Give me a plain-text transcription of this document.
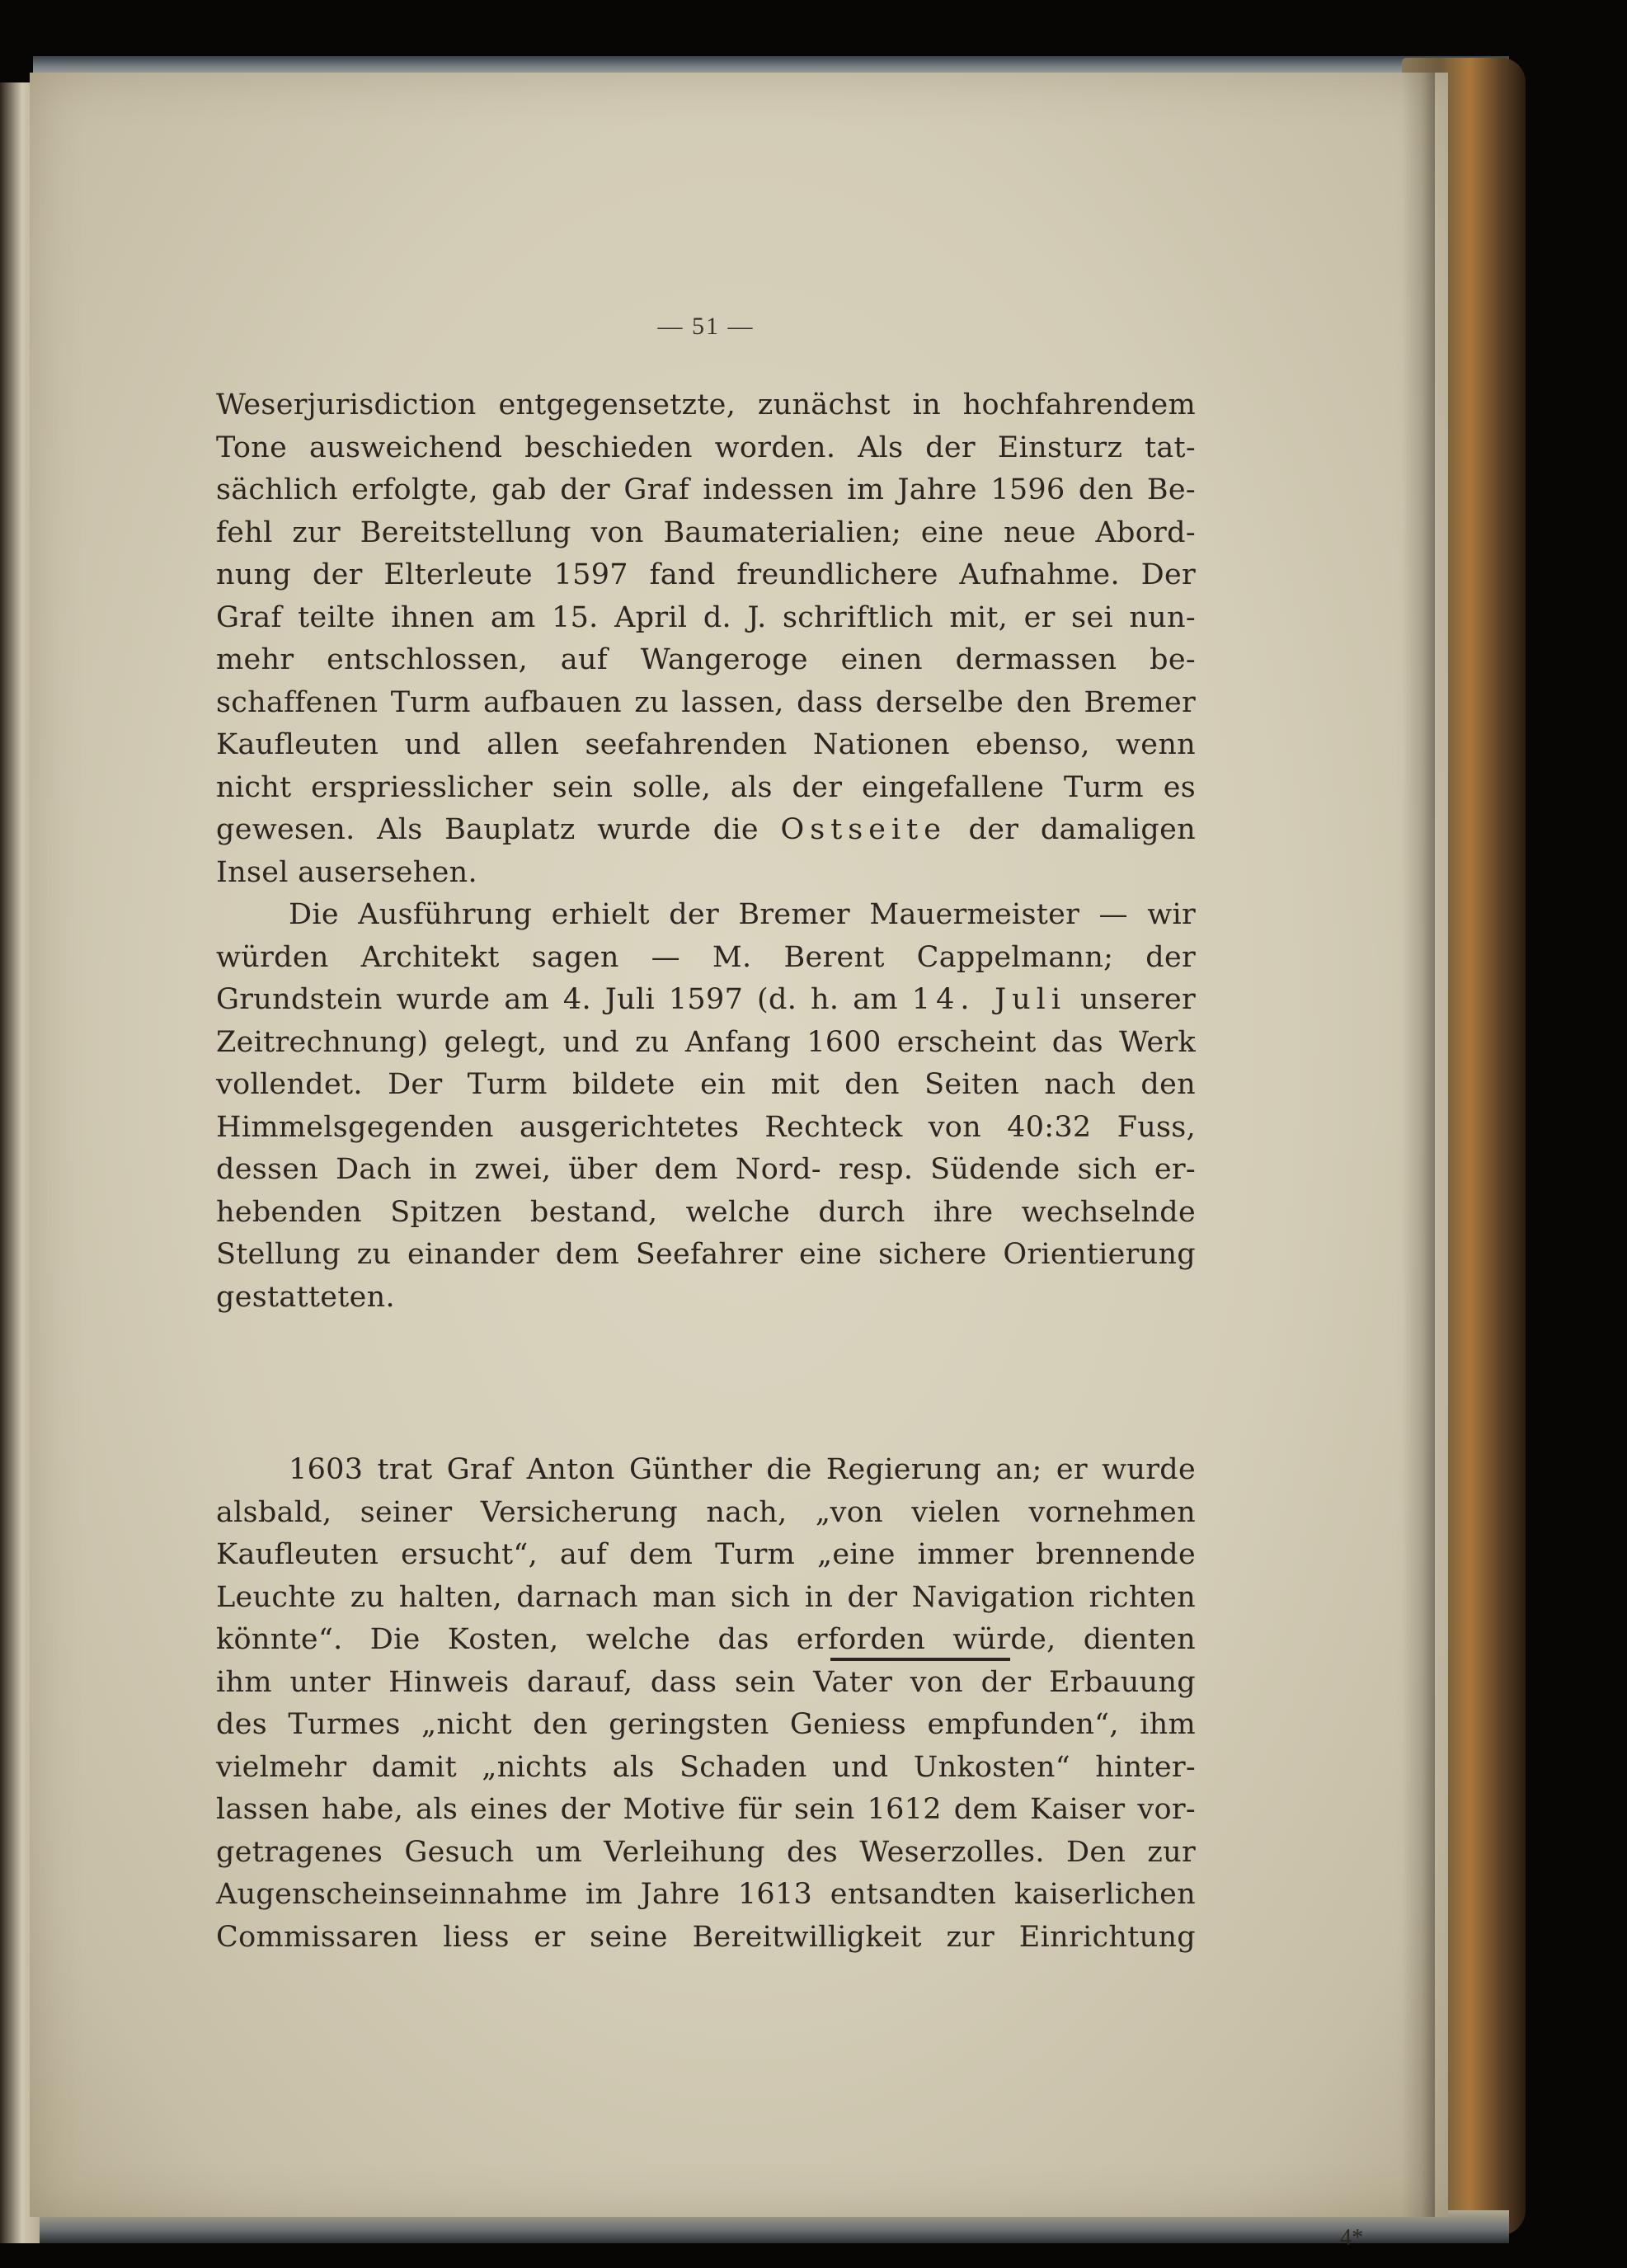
— 51 —
Weserjurisdiction entgegensetzte, zunächst in hochfahrendem
Tone ausweichend beschieden worden. Als der Einsturz tat-
sächlich erfolgte, gab der Graf indessen im Jahre 1596 den Be-
fehl zur Bereitstellung von Baumaterialien; eine neue Abord-
nung der Elterleute 1597 fand freundlichere Aufnahme. Der
Graf teilte ihnen am 15. April d. J. schriftlich mit, er sei nun-
mehr entschlossen, auf Wangeroge einen dermassen be-
schaffenen Turm aufbauen zu lassen, dass derselbe den Bremer
Kaufleuten und allen seefahrenden Nationen ebenso, wenn
nicht erspriesslicher sein solle, als der eingefallene Turm es
gewesen. Als Bauplatz wurde die Ostseite der damaligen
Insel ausersehen.
Die Ausführung erhielt der Bremer Mauermeister — wir
würden Architekt sagen — M. Berent Cappelmann; der
Grundstein wurde am 4. Juli 1597 (d. h. am 14. Juli unserer
Zeitrechnung) gelegt, und zu Anfang 1600 erscheint das Werk
vollendet. Der Turm bildete ein mit den Seiten nach den
Himmelsgegenden ausgerichtetes Rechteck von 40:32 Fuss,
dessen Dach in zwei, über dem Nord- resp. Südende sich er-
hebenden Spitzen bestand, welche durch ihre wechselnde
Stellung zu einander dem Seefahrer eine sichere Orientierung
gestatteten.
1603 trat Graf Anton Günther die Regierung an; er wurde
alsbald, seiner Versicherung nach, „von vielen vornehmen
Kaufleuten ersucht“, auf dem Turm „eine immer brennende
Leuchte zu halten, darnach man sich in der Navigation richten
könnte“. Die Kosten, welche das erforden würde, dienten
ihm unter Hinweis darauf, dass sein Vater von der Erbauung
des Turmes „nicht den geringsten Geniess empfunden“, ihm
vielmehr damit „nichts als Schaden und Unkosten“ hinter-
lassen habe, als eines der Motive für sein 1612 dem Kaiser vor-
getragenes Gesuch um Verleihung des Weserzolles. Den zur
Augenscheinseinnahme im Jahre 1613 entsandten kaiserlichen
Commissaren liess er seine Bereitwilligkeit zur Einrichtung
4*
